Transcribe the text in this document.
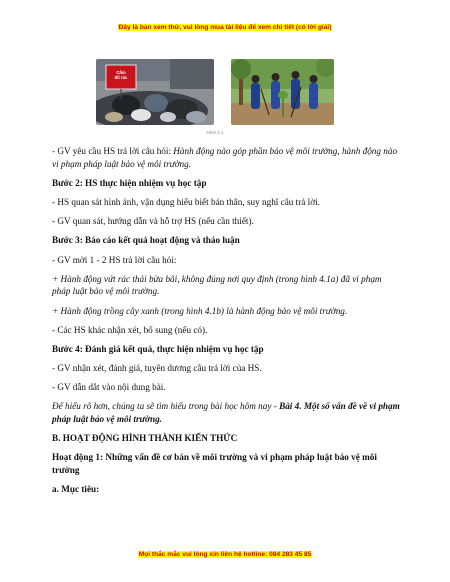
Đây là bản xem thử, vui lòng mua tài liệu để xem chi tiết (có lời giải)
Cấm
đổ rác
Hình 4.1

- GV yêu cầu HS trả lời câu hỏi: Hành động nào góp phần bảo vệ môi trường, hành động nào vi phạm pháp luật bảo vệ môi trường.

Bước 2: HS thực hiện nhiệm vụ học tập

- HS quan sát hình ảnh, vận dụng hiểu biết bản thân, suy nghĩ câu trả lời.

- GV quan sát, hướng dẫn và hỗ trợ HS (nếu cần thiết).

Bước 3: Báo cáo kết quả hoạt động và thảo luận

- GV mời 1 - 2 HS trả lời câu hỏi:

+ Hành động vứt rác thải bừa bãi, không đúng nơi quy định (trong hình 4.1a) đã vi phạm pháp luật bảo vệ môi trường.

+ Hành động trồng cây xanh (trong hình 4.1b) là hành động bảo vệ môi trường.

- Các HS khác nhận xét, bổ sung (nếu có).

Bước 4: Đánh giá kết quả, thực hiện nhiệm vụ học tập

- GV nhận xét, đánh giá, tuyên dương câu trả lời của HS.

- GV dẫn dắt vào nội dung bài.

Để hiểu rõ hơn, chúng ta sẽ tìm hiểu trong bài học hôm nay - Bài 4. Một số vấn đề về vi phạm pháp luật bảo vệ môi trường.

B. HOẠT ĐỘNG HÌNH THÀNH KIẾN THỨC

Hoạt động 1: Những vấn đề cơ bản về môi trường và vi phạm pháp luật bảo vệ môi trường

a. Mục tiêu:

Mọi thắc mắc vui lòng xin liên hệ hotline: 084 283 45 85
